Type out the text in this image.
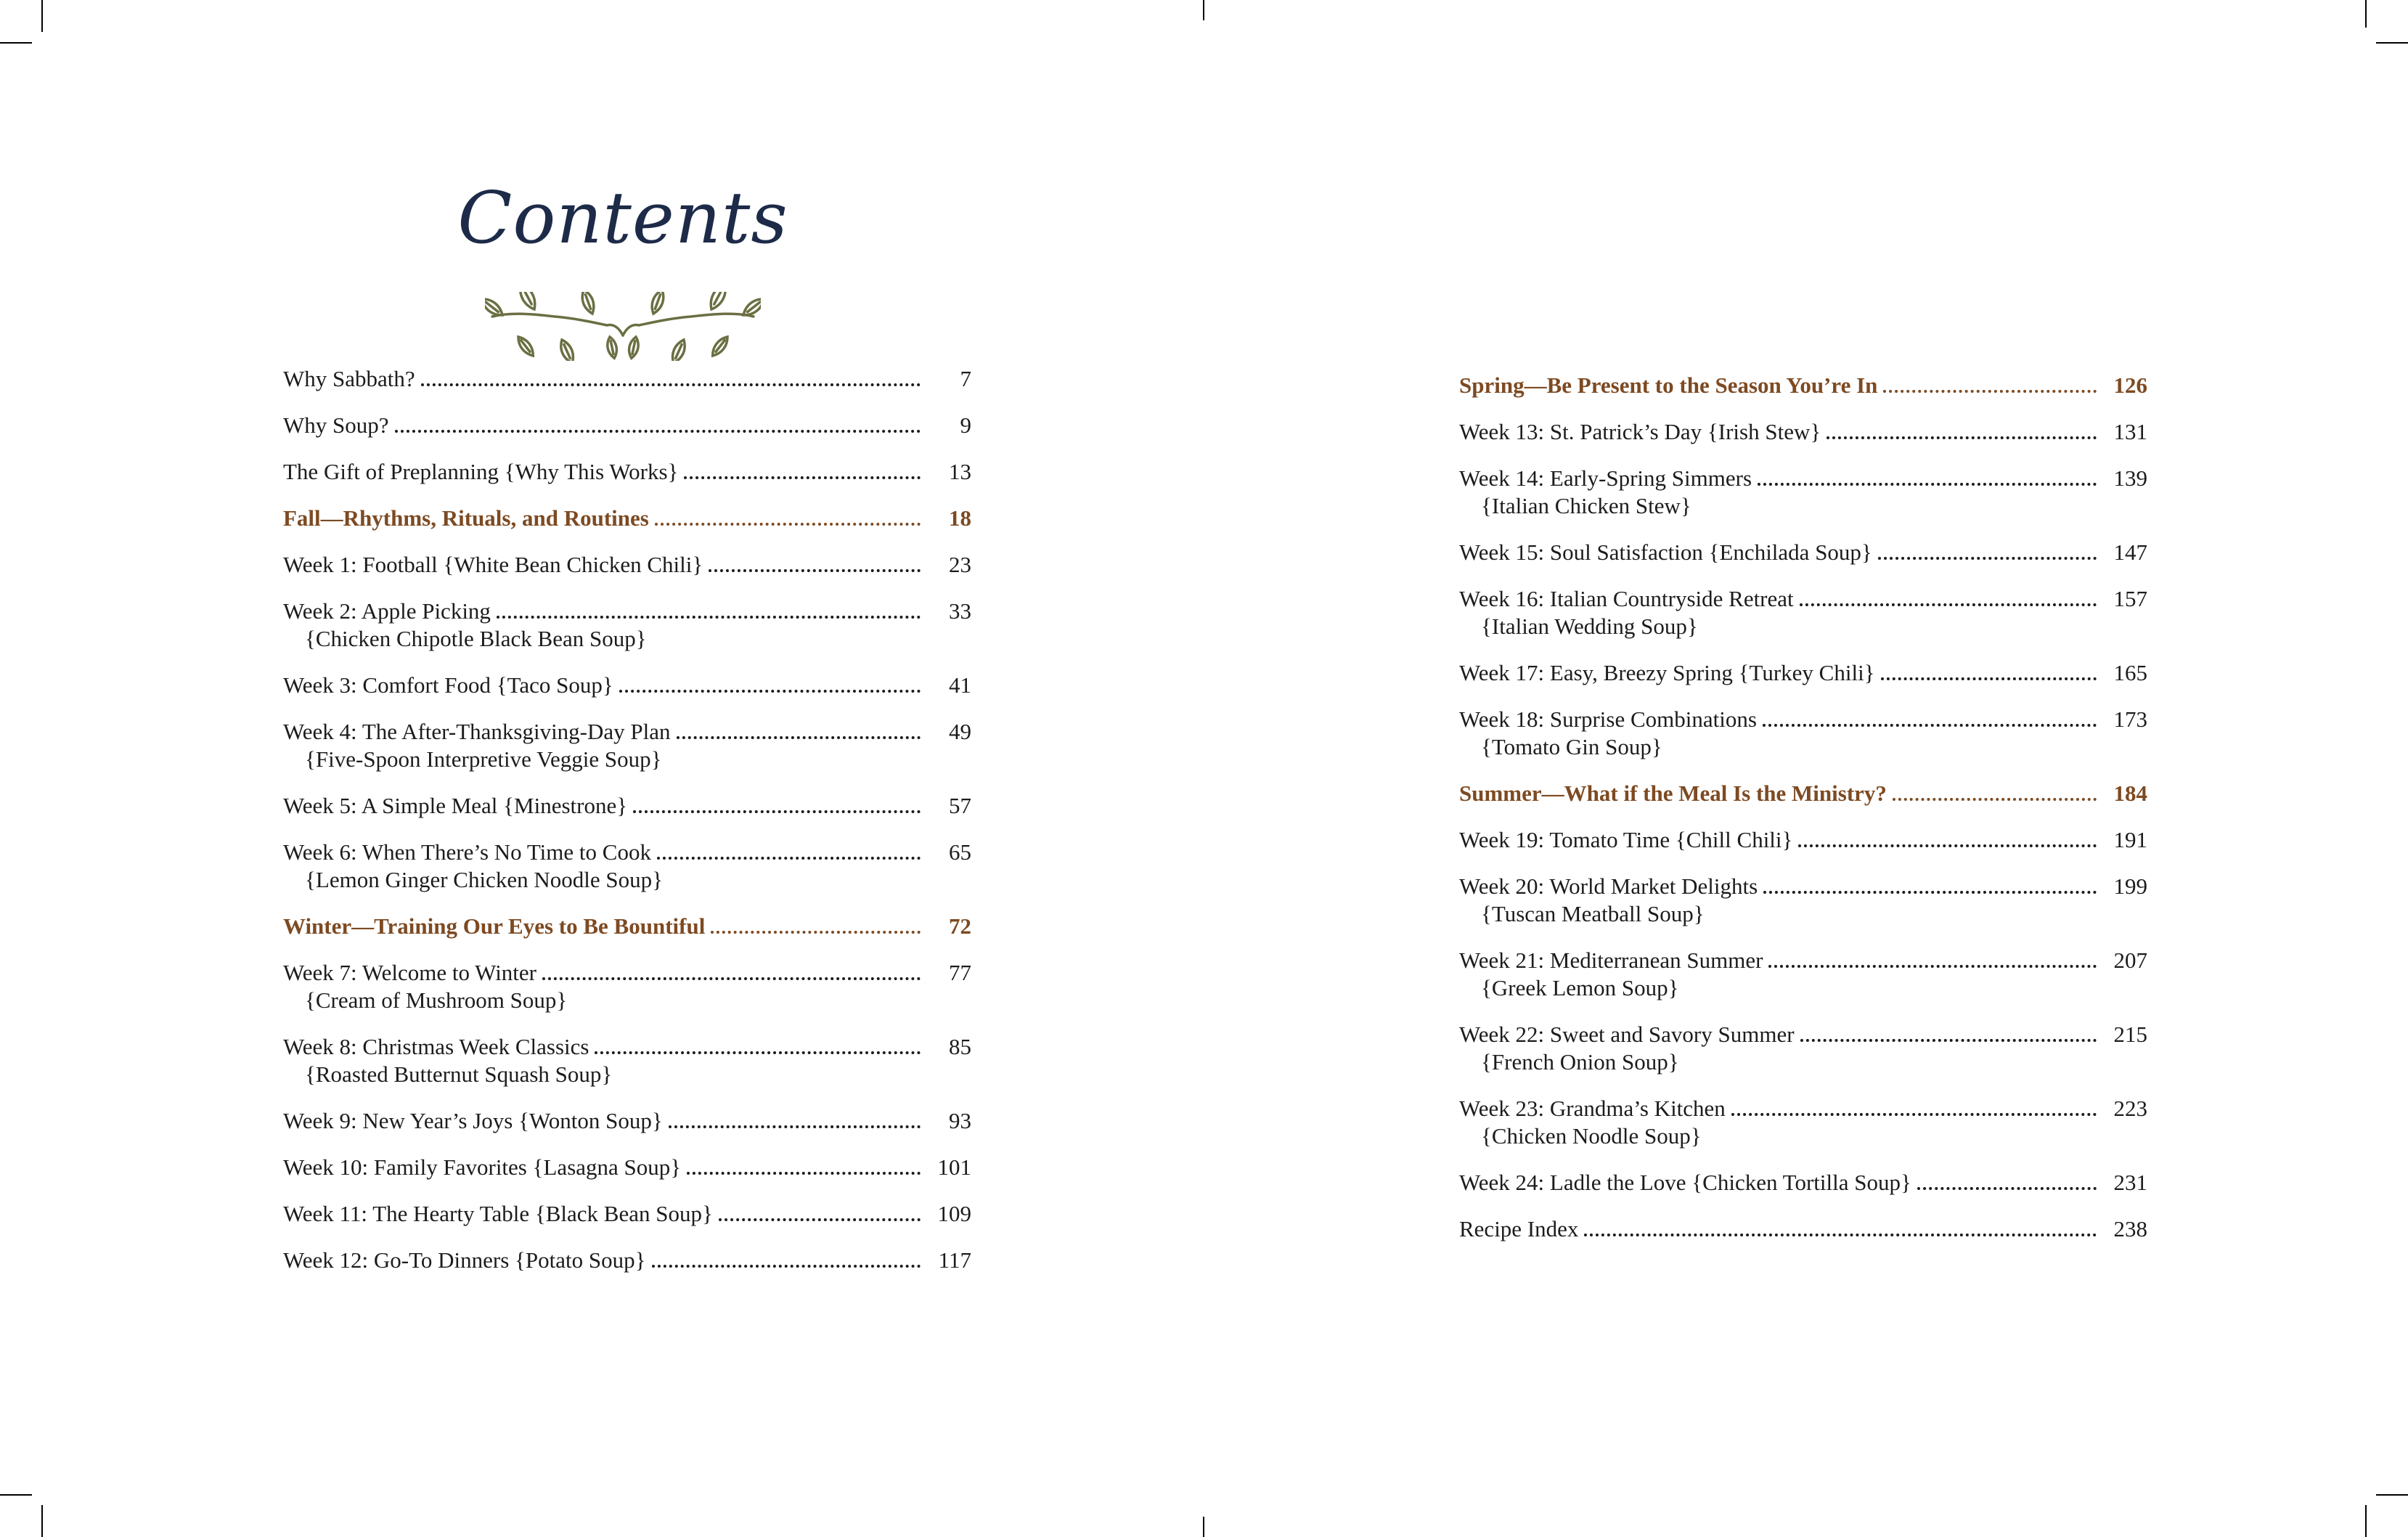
Contents
Why Sabbath?	7
Why Soup?	9
The Gift of Preplanning {Why This Works}	13
Fall—Rhythms, Rituals, and Routines	18
Week 1: Football {White Bean Chicken Chili}	23
Week 2: Apple Picking	33
{Chicken Chipotle Black Bean Soup}
Week 3: Comfort Food {Taco Soup}	41
Week 4: The After-Thanksgiving-Day Plan	49
{Five-Spoon Interpretive Veggie Soup}
Week 5: A Simple Meal {Minestrone}	57
Week 6: When There’s No Time to Cook	65
{Lemon Ginger Chicken Noodle Soup}
Winter—Training Our Eyes to Be Bountiful	72
Week 7: Welcome to Winter	77
{Cream of Mushroom Soup}
Week 8: Christmas Week Classics	85
{Roasted Butternut Squash Soup}
Week 9: New Year’s Joys {Wonton Soup}	93
Week 10: Family Favorites {Lasagna Soup}	101
Week 11: The Hearty Table {Black Bean Soup}	109
Week 12: Go-To Dinners {Potato Soup}	117
Spring—Be Present to the Season You’re In	126
Week 13: St. Patrick’s Day {Irish Stew}	131
Week 14: Early-Spring Simmers	139
{Italian Chicken Stew}
Week 15: Soul Satisfaction {Enchilada Soup}	147
Week 16: Italian Countryside Retreat	157
{Italian Wedding Soup}
Week 17: Easy, Breezy Spring {Turkey Chili}	165
Week 18: Surprise Combinations	173
{Tomato Gin Soup}
Summer—What if the Meal Is the Ministry?	184
Week 19: Tomato Time {Chill Chili}	191
Week 20: World Market Delights	199
{Tuscan Meatball Soup}
Week 21: Mediterranean Summer	207
{Greek Lemon Soup}
Week 22: Sweet and Savory Summer	215
{French Onion Soup}
Week 23: Grandma’s Kitchen	223
{Chicken Noodle Soup}
Week 24: Ladle the Love {Chicken Tortilla Soup}	231
Recipe Index	238
